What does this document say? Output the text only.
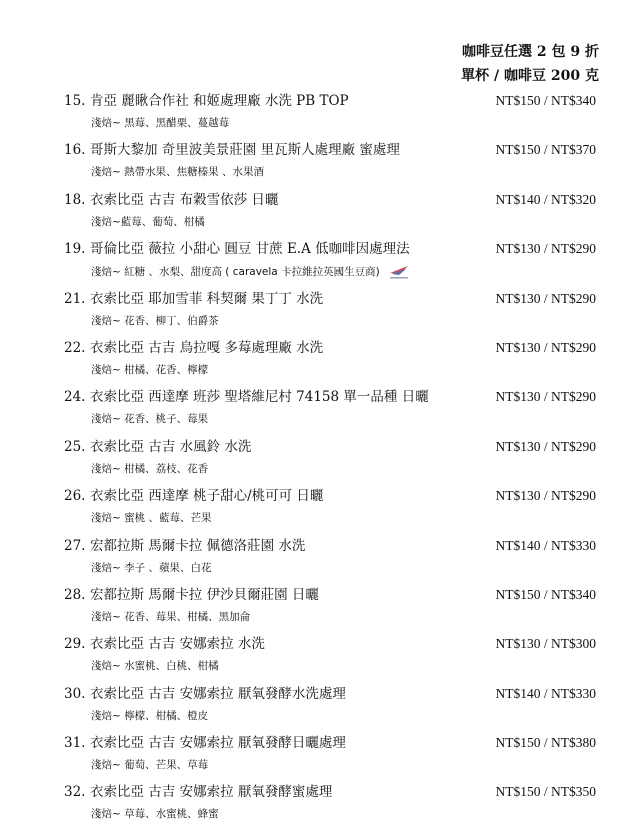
咖啡豆任選 2 包 9 折
單杯 / 咖啡豆 200 克
15. 肯亞 麗瞅合作社 和姬處理廠 水洗 PB TOP	NT$150 / NT$340
淺焙~ 黑莓、黑醋栗、蔓越莓
16. 哥斯大黎加 奇里波美景莊園 里瓦斯人處理廠 蜜處理	NT$150 / NT$370
淺焙~ 熱帶水果、焦糖榛果 、水果酒
18. 衣索比亞 古吉 布穀雪依莎 日曬	NT$140 / NT$320
淺焙~藍莓、葡萄、柑橘
19. 哥倫比亞 薇拉 小甜心 圓豆 甘蔗 E.A 低咖啡因處理法	NT$130 / NT$290
淺焙~ 紅糖 、水梨、甜度高 ( caravela 卡拉維拉英國生豆商)
21. 衣索比亞 耶加雪菲 科契爾 果丁丁 水洗	NT$130 / NT$290
淺焙~ 花香、柳丁、伯爵茶
22. 衣索比亞 古吉 烏拉嘎 多莓處理廠 水洗	NT$130 / NT$290
淺焙~ 柑橘、花香、檸檬
24. 衣索比亞 西達摩 班莎 聖塔維尼村 74158 單一品種 日曬	NT$130 / NT$290
淺焙~ 花香、桃子、莓果
25. 衣索比亞 古吉 水風鈴 水洗	NT$130 / NT$290
淺焙~ 柑橘、荔枝、花香
26. 衣索比亞 西達摩 桃子甜心/桃可可 日曬	NT$130 / NT$290
淺焙~ 蜜桃 、藍莓、芒果
27. 宏都拉斯 馬爾卡拉 佩德洛莊園 水洗	NT$140 / NT$330
淺焙~ 李子 、蘋果、白花
28. 宏都拉斯 馬爾卡拉 伊沙貝爾莊園 日曬	NT$150 / NT$340
淺焙~ 花香、莓果、柑橘、黑加侖
29. 衣索比亞 古吉 安娜索拉 水洗	NT$130 / NT$300
淺焙~ 水蜜桃、白桃、柑橘
30. 衣索比亞 古吉 安娜索拉 厭氧發酵水洗處理	NT$140 / NT$330
淺焙~ 檸檬、柑橘、橙皮
31. 衣索比亞 古吉 安娜索拉 厭氧發酵日曬處理	NT$150 / NT$380
淺焙~ 葡萄、芒果、草莓
32. 衣索比亞 古吉 安娜索拉 厭氧發酵蜜處理	NT$150 / NT$350
淺焙~ 草莓、水蜜桃、蜂蜜
